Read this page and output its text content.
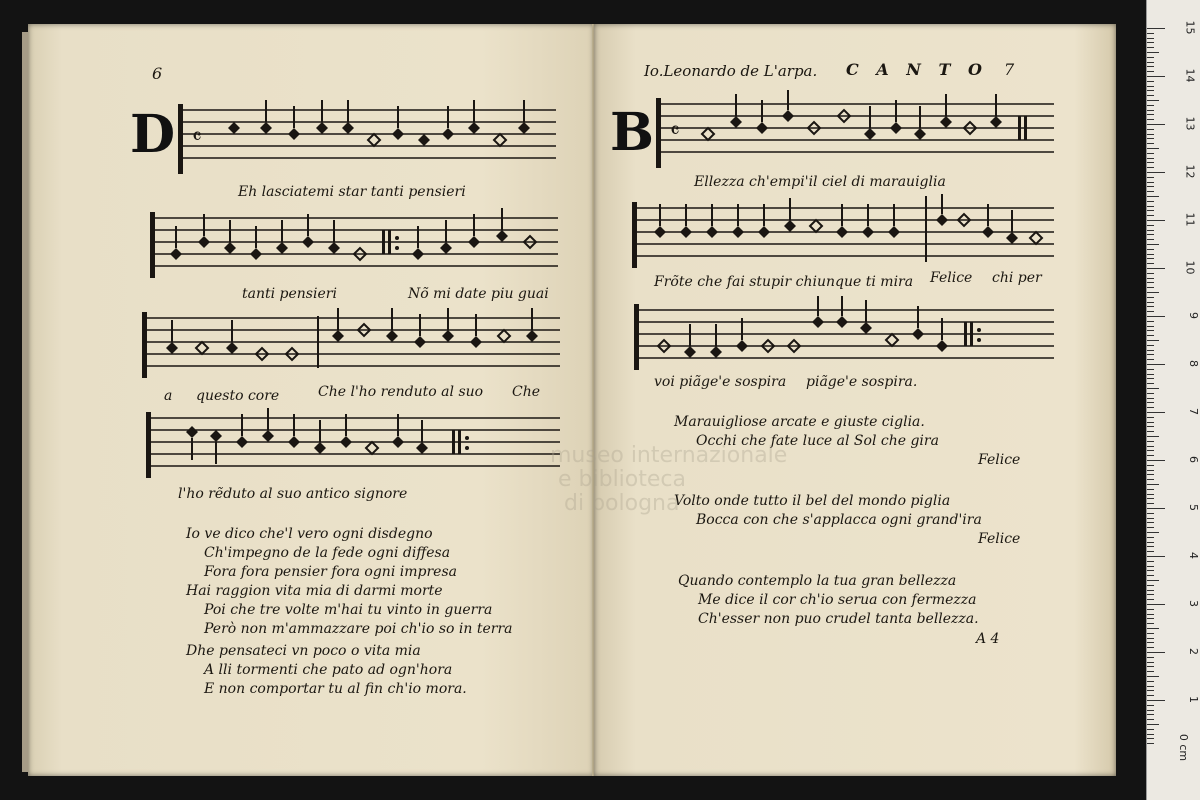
6
D 𝄴
Eh lasciatemi star tanti pensieri
tanti pensieri	Nõ mi date piu guai
a questo core	Che l'ho renduto al suo Che
l'ho rẽduto al suo antico signore
Io ve dico che'l vero ogni disdegno
Ch'impegno de la fede ogni diffesa
Fora fora pensier fora ogni impresa
Hai raggion vita mia di darmi morte
Poi che tre volte m'hai tu vinto in guerra
Però non m'ammazzare poi ch'io so in terra
Dhe pensateci vn poco o vita mia
A lli tormenti che pato ad ogn'hora
E non comportar tu al fin ch'io mora.
Io.Leonardo de L'arpa. C A N T O 7
B 𝄴
Ellezza ch'empi'il ciel di marauiglia
Frõte che fai stupir chiunque ti mira Felice chi per
voi piãge'e sospira piãge'e sospira.
Marauigliose arcate e giuste ciglia.
Occhi che fate luce al Sol che gira
Felice
Volto onde tutto il bel del mondo piglia
Bocca con che s'applacca ogni grand'ira
Felice
Quando contemplo la tua gran bellezza
Me dice il cor ch'io serua con fermezza
Ch'esser non puo crudel tanta bellezza.
A 4
museo internazionale
e biblioteca
di bologna
15
14
13
12
11
10
9
8
7
6
5
4
3
2
1
0 cm
